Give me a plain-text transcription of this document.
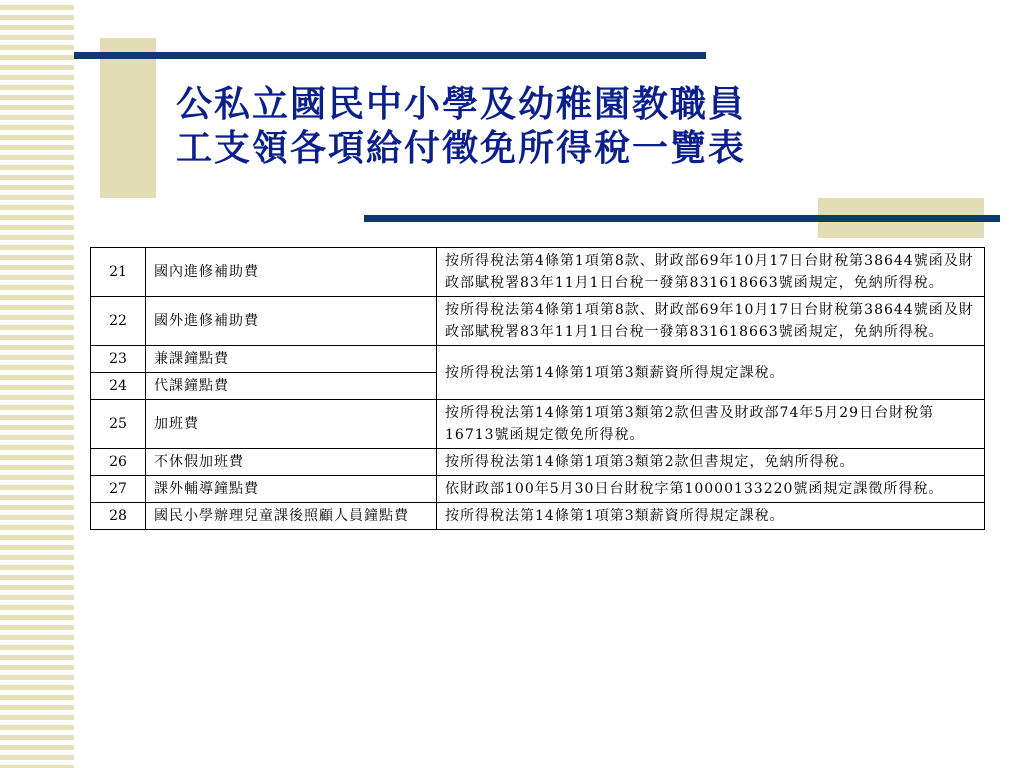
公私立國民中小學及幼稚園教職員
工支領各項給付徵免所得稅一覽表
21	國內進修補助費	按所得稅法第4條第1項第8款、財政部69年10月17日台財稅第38644號函及財政部賦稅署83年11月1日台稅一發第831618663號函規定，免納所得稅。
22	國外進修補助費	按所得稅法第4條第1項第8款、財政部69年10月17日台財稅第38644號函及財政部賦稅署83年11月1日台稅一發第831618663號函規定，免納所得稅。
23	兼課鐘點費	按所得稅法第14條第1項第3類薪資所得規定課稅。
24	代課鐘點費	
25	加班費	按所得稅法第14條第1項第3類第2款但書及財政部74年5月29日台財稅第16713號函規定徵免所得稅。
26	不休假加班費	按所得稅法第14條第1項第3類第2款但書規定，免納所得稅。
27	課外輔導鐘點費	依財政部100年5月30日台財稅字第10000133220號函規定課徵所得稅。
28	國民小學辦理兒童課後照顧人員鐘點費	按所得稅法第14條第1項第3類薪資所得規定課稅。
